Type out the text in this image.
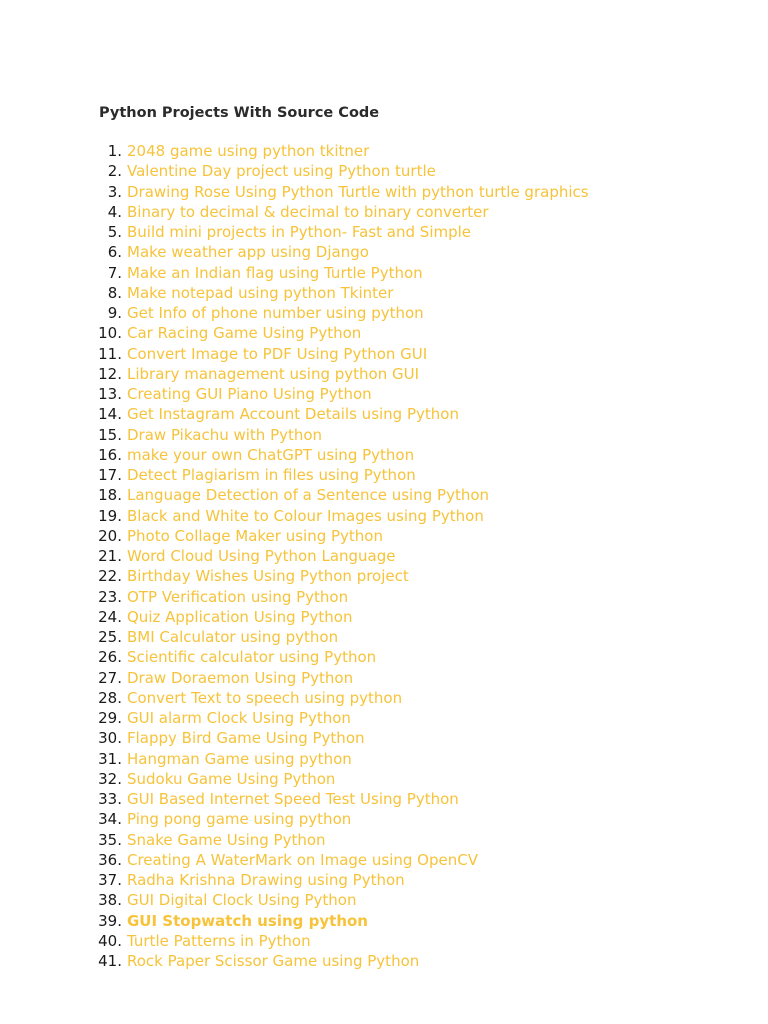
Python Projects With Source Code
1. 2048 game using python tkitner
2. Valentine Day project using Python turtle
3. Drawing Rose Using Python Turtle with python turtle graphics
4. Binary to decimal & decimal to binary converter
5. Build mini projects in Python- Fast and Simple
6. Make weather app using Django
7. Make an Indian flag using Turtle Python
8. Make notepad using python Tkinter
9. Get Info of phone number using python
10. Car Racing Game Using Python
11. Convert Image to PDF Using Python GUI
12. Library management using python GUI
13. Creating GUI Piano Using Python
14. Get Instagram Account Details using Python
15. Draw Pikachu with Python
16. make your own ChatGPT using Python
17. Detect Plagiarism in files using Python
18. Language Detection of a Sentence using Python
19. Black and White to Colour Images using Python
20. Photo Collage Maker using Python
21. Word Cloud Using Python Language
22. Birthday Wishes Using Python project
23. OTP Verification using Python
24. Quiz Application Using Python
25. BMI Calculator using python
26. Scientific calculator using Python
27. Draw Doraemon Using Python
28. Convert Text to speech using python
29. GUI alarm Clock Using Python
30. Flappy Bird Game Using Python
31. Hangman Game using python
32. Sudoku Game Using Python
33. GUI Based Internet Speed Test Using Python
34. Ping pong game using python
35. Snake Game Using Python
36. Creating A WaterMark on Image using OpenCV
37. Radha Krishna Drawing using Python
38. GUI Digital Clock Using Python
39. GUI Stopwatch using python
40. Turtle Patterns in Python
41. Rock Paper Scissor Game using Python
